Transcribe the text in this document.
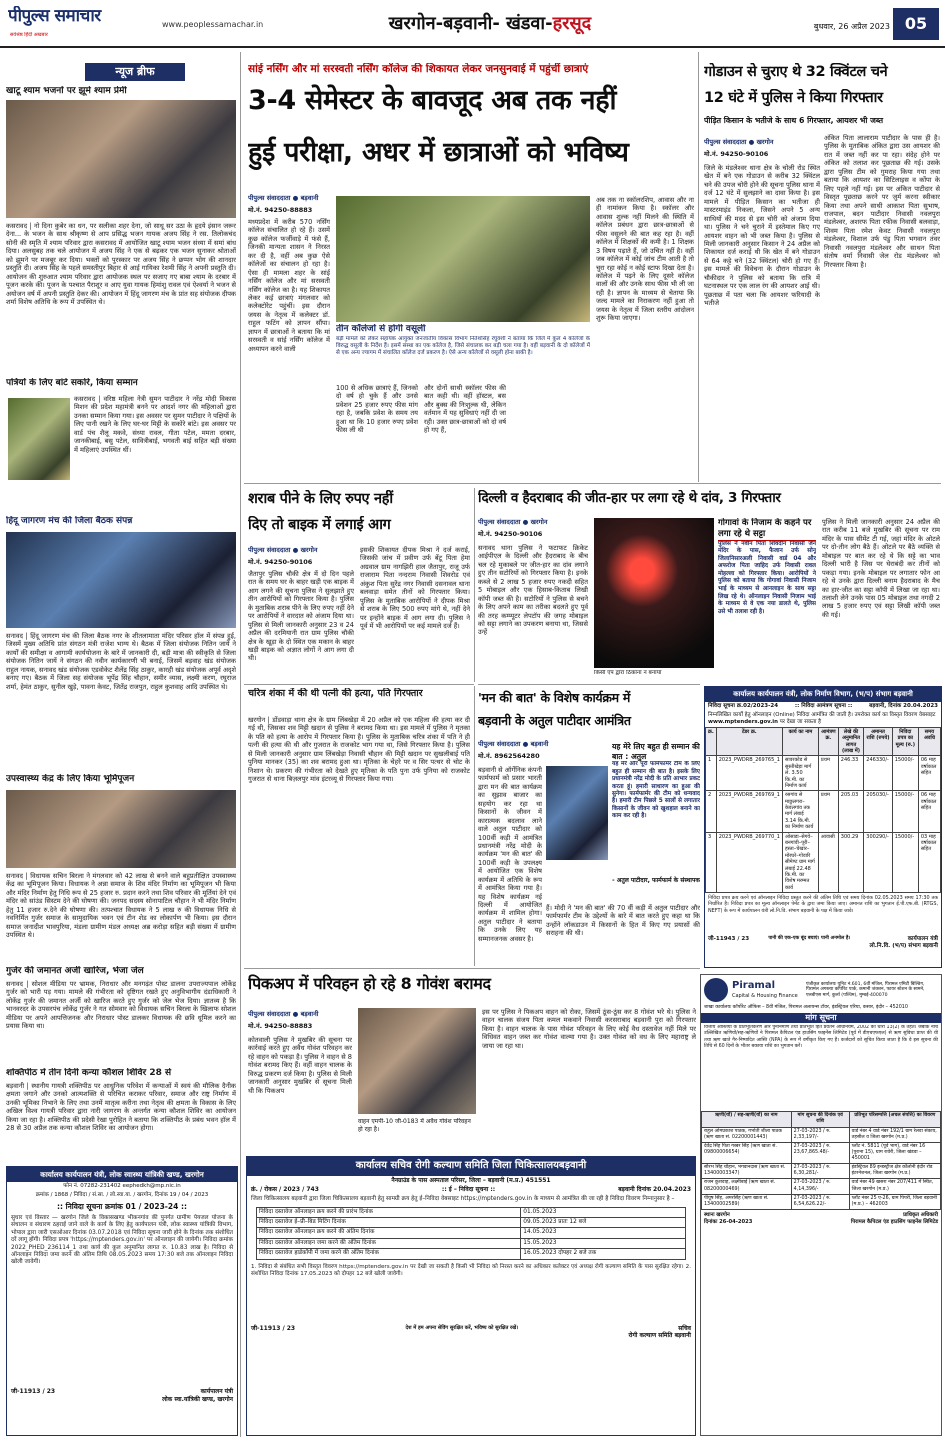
पीपुल्स समाचार
सर्वश्रेष्ठ हिंदी अखबार
www.peoplessamachar.in	खरगोन-बड़वानी- खंडवा-हरसूद	बुधवार, 26 अप्रैल 2023 05
न्यूज ब्रीफ
खाटू श्याम भजनों पर झूमे श्याम प्रेमी
कसरावद | नो दिना कुबेर का धन, पर सलीका शहर देना, जो साधू सर उठा के हृदये इंसान जरूर देना... के भजन के साथ श्रीकृष्ण से आप प्रसिद्ध भजन गायक अजय सिंह ने रस. तिलोकचंद सोनी की स्मृति में श्याम परिवार द्वारा कसरावद में आयोजित खाटू श्याम भजन संध्या में समां बांध दिया। अलसुबह तक चले आयोजन में अजय सिंह ने एक से बढ़कर एक भजन सुनाकर श्रोताओं को झूमने पर मजबूर कर दिया। भक्तों को पुरस्कार पर अजय सिंह ने छप्पन भोग की शानदार प्रस्तुति दी। अजय सिंह के पहले समस्तीपुर बिहार से आई गायिका रेशमी सिंह ने अपनी प्रस्तुति दी। आयोजन की शुरुआत श्याम परिवार द्वारा आयोजक स्थल पर सजाए गए बाबा श्याम के दरबार में पूजन करके की। पूजन के पश्चात पैराशूर व आए युवा गायक हिमांशु रावल एवं ऐश्वर्या ने भजन से अयोजन वर्ष में अपनी प्रस्तुति देकर की। आयोजन में हिंदू जागरण मंच के प्रांत सह संयोजक दीपक शर्मा विशेष अतिथि के रूप में उपस्थित थे।
पत्रियों के लिए बांटे सकोरे, किया सम्मान
कसरावद | वरिष्ठ महिला नेत्री सुमन पाटीदार ने नरेंद्र मोदी विकास मिशन की प्रदेश महामंत्री बनने पर आदर्श नगर की महिलाओं द्वारा उनका सम्मान किया गया। इस अवसर पर सुमन पाटीदार ने पक्षियों के लिए पानी रखने के लिए घर-घर मिट्टी के सकोरे बांटे। इस अवसर पर वार्ड पंच शैलू मकवे, संध्या रावल, गीता पटेल, ममता दरबार, जानकीबाई, बसु पटेल, सावित्रीबाई, भगवती बाई सहित बड़ी संख्या में महिलाएं उपस्थित थीं।
हिंदू जागरण मंच की जिला बैठक संपन्न
सनावद | हिंदू जागरण मंच की जिला बैठक नगर के शीतलामाता मंदिर परिसर हॉल में संपन्न हुई, जिसमें मुख्य अतिथि प्रांत संगठन मंत्री राजेश भाग्य थे। बैठक में जिला संयोजक नितिन जायें ने कार्यों की समीक्षा व आगामी कार्ययोजना के बारे में जानकारी दी, बड़ी मात्रा की स्वीकृति से जिला संयोजक नितिन जायें ने संगठन की नवीन कार्यकारणी भी बनाई, जिसमें बड़वाह खंड संयोजक राहुल नायक, सनावद खंड संयोजक एडवोकेट शैलेंद्र सिंह ठाकुर, कारही खंड संयोजक अपूर्व अदृशे बनाए गए। बैठक में जिला सह संयोजक भूपेंद्र सिंह चौहान, समीर व्यास, लक्ष्मी करण, रघुराज शर्मा, हेमंत ठाकुर, सुनील खुड़े, पावना केवट, जितेंद्र राजपुत, राहुल कुशवाह आदि उपस्थित थे।
उपस्वास्थ्य केंद्र के लिए किया भूमिपूजन
सनावद | विधायक सचिन बिरला ने मंगलवार को 42 लाख से बनने वाले बहुप्रतीक्षित उपस्वास्थ्य केंद्र का भूमिपूजन किया। विधायक ने अन्ना समाज के शिव मंदिर निर्माण का भूमिपूजन भी किया और मंदिर निर्माण हेतु निधि रूप से 25 हजार रु. प्रदान करने तथा शिव परिवार की मूर्तियां देने एवं मंदिर को सांउंड सिस्टम देने की घोषणा की। जनपद सदस्य सोनापाटिल चौहान ने भी मंदिर निर्माण हेतु 11 हजार रु.देने की घोषणा की। तत्पश्चात विधायक ने 5 लाख रु की विधायक निधि से नवनिर्मित गुर्जर समाज के सामुदायिक भवन एवं टीन शेड का लोकार्पण भी किया। इस दौरान समाज जनादीश भावपुरिया, मंडला ग्रामीण मंडल अध्यक्ष अब्र करोड़ा सहित बड़ी संख्या में ग्रामीण उपस्थित थे।
गुर्जर की जमानत अर्जी खारिज, भेजा जेल
सनावद | सोशल मीडिया पर भ्रामक, निराधार और मनगढ़ंत पोस्ट डालना उपराज्यपाल लोकेंद्र गुर्जर को भारी पड़ गया। मामले की गंभीरता को दृष्टिगत रखते हुए अनुविभागीय दंडाधिकारी ने लोकेंद्र गुर्जर की जमानत अर्जी को खारिज करते हुए गुर्जर को जेल भेज दिया। ज्ञातव्य है कि भानवरदर के उपसरपंच लोकेंद्र गुर्जर ने गत सोमवार को विधायक सचिन बिरला के खिलाफ सोशल मीडिया पर अपने आपत्तिजनक और निराधार पोस्ट डालकर विधायक की छवि धूमिल करने का प्रयास किया था।
शक्तिपीठ में तीन दिनी कन्या कौशल शिविर 28 से
बड़वानी | स्थानीय गायत्री शक्तिपीठ पर आधुनिक परिवेश में कन्याओं में स्वयं की मौलिक दैनीक क्षमता जगाने और उनको आत्मशक्ति से परिचित कराकर परिवार, समाज और राष्ट्र निर्माण में उनकी भूमिका निभाने के लिए तथा उनमें मातृत्व करीना तथा नेतृत्व की क्षमता के विकास के लिए अखिल विश्व गायत्री परिवार द्वारा नारी जागरण के अन्तर्गत कन्या कौशल शिविर का आयोजन किया जा रहा है। शक्तिपीठ की प्रदेसी रेखा पुरोहित ने बताया कि शक्तिपीठ के प्रबंध भवन हॉल में 28 से 30 अप्रैल तक कन्या कौशल शिविर का आयोजन होगा।
कार्यालय कार्यपालन यंत्री, लोक स्वास्थ्य यांत्रिकी खण्ड, खरगोन
फोन नं. 07282-231402 eephedkh@mp.nic.in
क्रमांक / 1868 / निविदा / सं.सा. / लो.स्वा.या. / खरगोन, दिनांक 19 / 04 / 2023
:: निविदा सूचना क्रमांक 01 / 2023-24 ::
सुधार एवं विस्तार — खरगोन जिले के विकासखण्ड भीकनगांव की पुनर्गत ग्रामीण पेयजल योजना के संचालन व संधारण ठहराई जाने वाले के कार्य के लिए हेतु कार्यपालन यंत्री, लोक स्वास्थ्य यांत्रिकी विभाग, भोपाल द्वारा जारी एसओआर दिनांक 03.07.2018 एवं निविदा सूचना जारी होने के दिनांक तक संशोधित दरें लागू होंगी। निविदा प्रपत्र 'https://mptenders.gov.in' पर ऑनलाइन की जायेगी। निविदा क्रमांक 2022_PHED_236114_1 तथा कार्य की कुल अनुमानित लागत रु. 10.83 लाख है। निविदा से ऑनलाइन निविदा जमा करने की अंतिम तिथि 08.05.2023 समय 17:30 बजे तक ऑनलाइन निविदा खोली जावेगी।
जी-11913 / 23	कार्यपालन यंत्री
लोक स्वा.यांत्रिकी खण्ड, खरगोन
सांई नर्सिंग और मां सरस्वती नर्सिंग कॉलेज की शिकायत लेकर जनसुनवाई में पहुंचीं छात्राएं
3-4 सेमेस्टर के बावजूद अब तक नहीं
हुई परीक्षा, अधर में छात्राओं को भविष्य
पीपुल्स संवाददाता ● बड़वानी
मो.नं. 94250-88883
मध्यप्रदेश में करीब 570 नर्सिंग कॉलेज संचालित हो रहे हैं। उसमें कुछ कॉलेज फर्जीवाड़े में फंसे हैं, जिनकी मान्यता शासन ने निरस्त कर दी है, वहीं अब कुछ ऐसे कॉलेजों का संचालन हो रहा है। ऐसा ही मामला शहर के सांई नर्सिंग कॉलेज और मां सरस्वती नर्सिंग कॉलेज का है। यह शिकायत लेकर कई छात्राएं मंगलवार को कलेक्टोरेट पहुंचीं। इस दौरान जयस के नेतृत्व में कलेक्टर डॉ. राहुल फटिंग को ज्ञापन सौंपा। ज्ञापन में छात्राओं ने बताया कि मां सरस्वती व सांई नर्सिंग कॉलेज में अध्यापन करने वाली
तीन कॉलेजों से होगी वसूली
बड़ी मामले को लेकर सहायक आयुक्त जनजातीय विकास विभाग नितेशसिंह रघुवंशी ने बताया कि जिले में कुल 4 कॉलेजों के विरुद्ध वसूली के निर्देश हैं। इसमें संस्था का एक कॉलेज है, जिसे संचालक कर बड़ी चला गया है। वहीं बड़वानी के दो कॉलेजों में से एक अन्य ज्यागम में संचालित कॉलेज दर्ज प्रकरण है। ऐसे अन्य कॉलेजों से वसूली होना बाकी है।
100 से अधिक छात्राएं हैं, जिनको दो वर्ष हो चुके हैं और उनसे प्रवेशन 25 हजार रुपए फीस मांग रहा है, जबकि प्रवेश के समय तय हुआ था कि 10 हजार रुपए प्रवेश फीस ली थी
और दोनों साथी स्कॉलर फीस की बात कही थी। वहीं हॉस्टल, बस और बुक्स की निःशुल्क थी, लेकिन वर्तमान में यह सुविधाएं नहीं दी जा रही। उक्त छात्र-छात्राओं को दो वर्ष हो गए हैं,
अब तक ना स्कॉलरशिप, आवास और ना ही नामांकन किया है। स्कॉलर और आवास शुल्क नहीं मिलने की स्थिति में कॉलेज प्रबंधन द्वारा छात्र-छात्राओं से फीस वसूलने की बात कह रहा है। वहीं कॉलेज में शिक्षकों की कमी है। 1 शिक्षक 3 विषय पढ़ाते हैं, जो उचित नहीं है। वहीं जब कॉलेज में कोई जांच टीम आती है तो चुरा रहा कोई न कोई स्टाफ दिखा देता है। कॉलेज में पढ़ने के लिए दूसरे कॉलेज वालों की और उनके साथ फीस भी ली जा रही है। ज्ञापन के माध्यम से चेताया कि जल्द मामले का निराकरण नहीं हुआ तो जयस के नेतृत्व में जिला स्तरीय आंदोलन शुरू किया जाएगा।
गोडाउन से चुराए थे 32 क्विंटल चने
12 घंटे में पुलिस ने किया गिरफ्तार
पीड़ित किसान के भतीजे के साथ 6 गिरफ्तार, आयशर भी जब्त
पीपुल्स संवाददाता ● खरगोन
मो.नं. 94250-90106
जिले के मंडलेश्वर थाना क्षेत्र के चोली रोड स्थित खेत में बने एक गोडाउन से करीब 32 क्विंटल चने की उपज चोरी होने की सूचना पुलिस थाना में दर्ज 12 घंटे में सुलझाने का दावा किया है। इस मामले में पीड़ित किसान का भतीजा ही मास्टरमाइंड निकला, जिसने अपने 5 अन्य साथियों की मदद से इस चोरी को अंजाम दिया था। पुलिस ने चने चुराने में इस्तेमाल किए गए आयशर वाहन को भी जब्त किया है। पुलिस से मिली जानकारी अनुसार किसान ने 24 अप्रैल को शिकायत दर्ज कराई थी कि खेत में बने गोडाउन से 64 कट्टे चने (32 क्विंटल) चोरी हो गए हैं। इस मामले की विवेचना के दौरान गोडाउन के चौकीदार ने पुलिस को बताया कि रात्रि में घटनास्थल पर एक लाल रंग की आयशर आई थी। पूछताछ में पता चला कि आयशर फरियादी के भतीजे
अंकित पिता लालाराम पाटीदार के पास ही है। पुलिस के मुताबिक अंकित द्वारा उस आयशर की रात में जब्त नहीं कर पा रहा। संदेह होने पर अंकित को तलाश कर पूछताछ की गई। उसके द्वारा पुलिस टीम को गुमराह किया गया तथा बताया कि आयशर का सिटिलाइस व कोंपा के लिए पहले नहीं गई। इस पर अंकित पाटीदार से विस्तृत पूछताछ करने पर जुर्म करना स्वीकार किया तथा अपने साथी आकाश पिता सुभाष, राजपाल, बदन पाटीदार निवासी नवलपुरा मंडलेश्वर, अशरफ पिता रफीक निवासी बलवाड़ा, शिवम पिता रमेश केवट निवासी नवलपुरा मंडलेश्वर, विशाल उर्फ पंडु पिता भगवान तंवर निवासी नवलपुरा मंडलेश्वर और साथन पिता संतोष वर्मा निवासी जेल रोड मंडलेश्वर को गिरफ्तार किया है।
शराब पीने के लिए रुपए नहीं
दिए तो बाइक में लगाई आग
पीपुल्स संवाददाता ● खरगोन
मो.नं. 94250-90106
जैतापुर पुलिस चौकी क्षेत्र में दो दिन पहले रात के समय घर के बाहर खड़ी एक बाइक में आग लगने की सूचना पुलिस ने सुलझाते हुए तीन आरोपियों को गिरफ्तार किया है। पुलिस के मुताबिक शराब पीने के लिए रुपए नहीं देने पर आरोपियों ने वारदात को अंजाम दिया था। पुलिस से मिली जानकारी अनुसार 23 व 24 अप्रैल की दरमियानी रात ग्राम पुलिस चौकी क्षेत्र के खूड़ा के दो स्थित एक मकान के बाहर खड़ी बाइक को अज्ञात लोगों ने आग लगा दी थी।
इसकी शिकायत दीपक मिश्रा ने दर्ज कराई, जिसकी जांच में प्रवीण उर्फ बेंटू पिता हेमा अग्रवाल ग्राम नागझिरी हाल जैतापुर, राजू उर्फ राजाराम पिता नन्दराम निवासी शिवरोड एवं अंकुश पिता सुरेंद्र नगर निवासी दसनावल थाना बलवाड़ा समेत तीनों को गिरफ्तार किया। पुलिस के मुताबिक आरोपियों ने दीपक मिश्रा से शराब के लिए 500 रुपए मांगे थे, नहीं देने पर इन्होंने बाइक में आग लगा दी। पुलिस ने पूर्व में भी आरोपियों पर कई मामले दर्ज हैं।
दिल्ली व हैदराबाद की जीत-हार पर लगा रहे थे दांव, 3 गिरफ्तार
पीपुल्स संवाददाता ● खरगोन
मो.नं. 94250-90106
सनावद थाना पुलिस ने फटाफट क्रिकेट आईपीएल के दिल्ली और हैदराबाद के बीच चल रहे मुकाबले पर जीत-हार का दांव लगाने हुए तीन सटोरियों को गिरफ्तार किया है। इनके कब्जे से 2 लाख 5 हजार रुपए नकदी सहित 5 मोबाइल और एक हिसाब-किताब लिखी कॉपी जब्त की है। सटोरियों ने पुलिस से बचने के लिए अपने काम का तरीका बदलते हुए पूर्व की तरह कम्प्यूटर लेपटॉप की जगह मोबाइल को सट्टा लगाने का उपकरण बनाया था, जिससे उन्हें
किसी एप द्वारा ठिकाना न बनाया
गोगावां के निजाम के कहने पर लगा रहे थे सट्टा
पुलिस ने नवीन पिता शिवदीन निवासी जैन मंदिर के पास, फैजान उर्फ सोनू जिलानिसारअली निवासी वार्ड 04 और अफरोज पिता जाहिद उर्फ निवासी रावल मोहल्ला को गिरफ्तार किया। आरोपियों ने पुलिस को बताया कि गोगावां निवासी निजाम भाई के माध्यम से आनलाइन के साथ सट्टा लिख रहे थे। ऑनलाइन निवासी निजाम भाई के माध्यम से वे एक नया डालते थे, पुलिस उसे भी तलाश रही है।
पुलिस ने मिली जानकारी अनुसार 24 अप्रैल की रात करीब 11 बजे मुखबिर की सूचना पर राम मंदिर के पास सीमेंट टी गई, जहां मंदिर के ओटले पर दो-तीन लोग बैठे हैं। ओटले पर बैठे व्यक्ति से मोबाइल पर बात कर रहे थे कि सट्टे का भाव दिल्ली भारी है जिस पर घेराबंदी कर तीनों को पकड़ा गया। इनके मोबाइल पर लगातार फोन आ रहे थे उनके द्वारा दिल्ली बनाम हैदराबाद के मैच का हार-जीत का सट्टा कॉपी में लिखा जा रहा था। तलाशी लेने उनके पास 05 मोबाइल तथा नगदी 2 लाख 5 हजार रुपए एवं सट्टा लिखी कॉपी जब्त की गई।
चरित्र शंका में की थी पत्नी की हत्या, पति गिरफ्तार
खरगोन | डोंडवाड़ा थाना क्षेत्र के ग्राम लिंबखेड़ा में 20 अप्रैल को एक महिला की हत्या कर दी गई थी, जिसका शव मिट्टी खदान से पुलिस ने बरामद किया था। इस मामले में पुलिस ने मृतका के पति को हत्या के आरोप में गिरफ्तार किया है। पुलिस के मुताबिक चरित्र शंका में पति ने ही पत्नी की हत्या की थी और गुजरात के राजकोट भाग गया था, जिसे गिरफ्तार किया है। पुलिस से मिली जानकारी अनुसार ग्राम लिंबखेड़ा निवासी चौहान की मिट्टी खदान पर सुखलीबाई पति पुनिया मानकर (35) का शव बरामद हुआ था। मृतिका के चेहरे पर व सिर पत्थर से चोट के निशान थे। प्रकरण की गंभीरता को देखते हुए मृतिका के पति पुना उर्फ पुनिया को राजकोट गुजरात से थाना बिज़लपुर मांव इंटरव्यू से गिरफ्तार किया गया।
'मन की बात' के विशेष कार्यक्रम में
बड़वानी के अतुल पाटीदार आमंत्रित
पीपुल्स संवाददाता ● बड़वानी
मो.नं. 8962564280
बड़वानी से ऑर्गेनिक कंपनी फार्मफार्म को प्रसार भारती द्वारा मन की बात कार्यक्रम का सुझाव बाजार का सहयोग कर रहा था किसानों के जीवन में कारात्मक बदलाव लाने वाले अतुल पाटीदार को 100वीं कड़ी में आमंत्रित प्रधानमंत्री नरेंद्र मोदी के कार्यक्रम 'मन की बात' की 100वीं कड़ी के उपलक्ष्य में आयोजित एक विशेष कार्यक्रम में अतिथि के रूप में आमंत्रित किया गया है। यह विशेष कार्यक्रम नई दिल्ली में आयोजित कार्यक्रम में शामिल होगा। अतुल पाटीदार ने बताया कि उनके लिए यह सम्मानजनक अवसर है।
यह मेरे लिए बहुत ही सम्मान की बात : अतुल
यह मेरे और पूरी फार्मफार्मर टीम के लिए बहुत ही सम्मान की बात है। इसके लिए प्रधानमंत्री नरेंद्र मोदी के प्रति आभार प्रकट करता हूं। हमारी साधारण का हुआ की सुनेगा। फार्मफार्मर की टीम को धन्यवाद है। हमारी टीम पिछले 5 सालों से लगातार किसानों के जीवन को खुशहाल बनाने का काम कर रही है।
- अतुल पाटीदार, फार्मफार्म के संस्थापक
हैं। मोदी ने 'मन की बात' की 70 वीं कड़ी में अतुल पाटीदार और फार्मफार्मर टीम के उद्देश्यों के बारे में बात करते हुए कहा था कि उन्होंने लॉकडाउन में किसानों के हित में किए गए प्रयासों की सराहना की थी।
कार्यालय कार्यपालन यंत्री, लोक निर्माण विभाग, (भ/प) संभाग बड़वानी
निविदा सूचना क्र.02/2023-24	:: निविदा आमंत्रण सूचना ::	बड़वानी, दिनांक 20.04.2023
निम्नलिखित कार्यों हेतु ऑनलाइन (Online) निविदा आमंत्रित की जाती है। उपरोक्त कार्य का विस्तृत विवरण वेबसाइट www.mptenders.gov.in पर देखा जा सकता है
क्र.	टेंडर क्र.	कार्य का नाम	आमंत्रण क्र.	लेखे की अनुमानित लागत (लाख में)	अमानत राशि (रुपये)	निविदा प्रपत्र का मूल्य (रु.)	समय अवधि
1	2023_PWDRB_269765_1	सावरकोड से सुस्तीखेड़ा मार्ग लं. 3.50 कि.मी. का निर्माण कार्य	प्रथम	246.33	246330/-	15000/-	06 माह वर्षाकाल सहित
2	2023_PWDRB_269769_1	रसगांव से माछुलगरा–केवलगांव तक मार्ग लंबाई 3.14 कि.मी. का निर्माण कार्य	प्रथम	205.03	205030/-	15000/-	06 माह वर्षाकाल सहित
3	2023_PWDRB_269770_1	ओसाडा–सेगवे–बनगांवी–पूरी–हस्ता–चेखार–मोरघरे–गोवारि सीमेण्ट ग्राम मार्ग लंबाई 22.48 कि.मी. का विशेष मरम्मत कार्य	आवासी	300.29	300290/-	15000/-	03 माह वर्षाकाल सहित
निविदा प्रपत्र क्रय करने एवं ऑनलाइन निविदा प्रस्तुत करने की अंतिम तिथि एवं समय दिनांक 02.05.2023 समय 17:30 तक निर्धारित है। निविदा प्रपत्र का मूल्य ऑनलाइन पेमेंट के द्वारा जमा किया जाए। अमानत राशि का भुगतान ई.पी.एफ.बी. (RTGS, NEFT) के रूप में कार्यपालन यंत्री लो.नि.वि. संभाग बड़वानी के पक्ष में किया जावे।
जी-11943 / 23	पानी की एक-एक बूंद बचाएं। पानी अनमोल है।	कार्यपालन यंत्री
लो.नि.वि. (भ/प) संभाग बड़वानी
पिकअप में परिवहन हो रहे 8 गोवंश बरामद
पीपुल्स संवाददाता ● बड़वानी
मो.नं. 94250-88883
कोतवाली पुलिस ने मुखबिर की सूचना पर कार्रवाई करते हुए अवैध गोवंश परिवहन कर रहे वाहन को पकड़ा है। पुलिस ने वाहन से 8 गोवंश बरामद किए हैं। वहीं वाहन चालक के विरुद्ध प्रकरण दर्ज किया है। पुलिस से मिली जानकारी अनुसार मुखबिर से सूचना मिली थी कि पिकअप
वाहन एमपी-10 जी-0183 में अवैध गोवंश परिवहन हो रहा है।
इस पर पुलिस ने पिकअप वाहन को रोका, जिसमें ठूंस-ठूंस कर 8 गोवंश भरे थे। पुलिस ने वाहन चालक संजय पिता कमल मकवाने निवासी करसराबाद बड़वानी पुरा को गिरफ्तार किया है। वाहन चालक के पास गोवंश परिवहन के लिए कोई वैध दस्तावेज नहीं मिले पर विधिवत वाहन जब्त कर गोवंश वाल्मा गया है। उक्त गोवंश को वध के लिए महाराष्ट्र ले जाया जा रहा था।
कार्यालय सचिव रोगी कल्याण समिति जिला चिकित्सालयबड़वानी
नैनग्राउंड के पास अस्पताल परिसर, जिला – बड़वानी (म.प्र.) 451551
क्रं. / रोकस / 2023 / 743	:: ई – निविदा सूचना ::	बड़वानी दिनांक 20.04.2023
जिला चिकित्सालय बड़वानी द्वारा जिला चिकित्सालय बड़वानी हेतु सामग्री क्रय हेतु ई–निविदा वेबसाइट https://mptenders.gov.in के माध्यम से आमंत्रित की जा रही है निविदा विवरण निम्नानुसार है –
निविदा दस्तावेज ऑनलाइन क्रय करने की प्रारंभ दिनांक	01.05.2023
निविदा दस्तावेज ई–प्री–बिड मिटिंग दिनांक	09.05.2023 प्रातः 12 बजे
निविदा दस्तावेज ऑनलाइन क्रय करने की अंतिम दिनांक	14.05.2023
निविदा दस्तावेज ऑनलाइन जमा करने की अंतिम दिनांक	15.05.2023
निविदा दस्तावेज हार्डकॉपी में जमा करने की अंतिम दिनांक	16.05.2023 दोपहर 2 बजे तक
1. निविदा से संबंधित सभी विस्तृत विवरण https://mptenders.gov.in पर देखी जा सकती है किसी भी निविदा को निरस्त करने का अधिकार कलेक्टर एवं अध्यक्ष रोगी कल्याण समिति के पास सुरक्षित रहेगा। 2. संशोधित निविदा दिनांक 17.05.2023 को दोपहर 12 बजे खोली जावेगी।
जी-11913 / 23	देश में हम अपना सेविंग सुरक्षित करें, भविष्य को सुरक्षित रखें।	सचिव
रोगी कल्याण समिति बड़वानी
Piramal
Capital & Housing Finance
पंजीकृत कार्यालयः यूनिट नं.601, 6वीं मंजिल, पिरामल एमिटी बिल्डिंग, पिरामल अगस्त्या कॉर्पोरेट पार्क, कमानी जंक्शन, फायर स्टेशन के सामने, एलबीएस मार्ग, कुर्ला (पश्चिम), मुम्बई-400070
शाखा कार्यालयः कॉर्पोरेट ऑफिस – 8वीं मंजिल, पिरामल अलायन्स टॉवर, इंडस्ट्रियल एरिया, कसार, इंदौर – 452010
मांग सूचना
वित्तीय आस्तियों के प्रतिभूतिकरण और पुनर्निर्माण तथा प्रतिभूति हित प्रवर्तन अधिनियम, 2002 की धारा 13(2) के तहत। जबकि नीचे उल्लिखित ऋणियों/सह-ऋणियों ने पिरामल कैपिटल एंड हाउसिंग फाइनेंस लिमिटेड (पूर्व में डीएचएफएल) से ऋण सुविधा प्राप्त की थी तथा ऋण खाते गैर-निष्पादित आस्ति (NPA) के रूप में वर्गीकृत किए गए हैं। कर्जदारों को सूचित किया जाता है कि वे इस सूचना की तिथि से 60 दिनों के भीतर बकाया राशि का भुगतान करें।
ऋणी(यों) / सह-ऋणी(यों) का नाम	मांग सूचना की दिनांक एवं राशि	प्रतिभूत परिसम्पत्ति (अचल संपत्ति) का विवरण
राहुल ओमप्रकाश पाठक, गर्भाती शीला पाठक (ऋण खाता सं. 02200001443)	27-03-2023 / रु. 2,33,197/-	वार्ड नंबर 4 वार्ड नंबर 192/1 ग्राम रेलवा संकाय, तहसील व जिला खरगोन (म.प्र.)
देवेंद्र सिंह पिता गब्बर सिंह (ऋण खाता सं. 09800006654)	27-03-2023 / रु. 23,67,865.48/-	प्लॉट नं. 5811 (पूर्व भाग), वार्ड नंबर 16 (पुराना 15), ग्राम रावेरी, जिला खंडवा – 450001
सौरभ सिंह चौहान, भगवानदास (ऋण खाता सं. 13400003347)	27-03-2023 / रु. 6,30,281/-	इंडस्ट्रियल 89 इन्डस्ट्रीज क्षेत्र कॉलोनी इंदौर रोड इंटरनेशनल, जिला खरगोन (म.प्र.)
राजन कुशवाह, लक्ष्मीबाई (ऋण खाता सं. 08200000469)	27-03-2023 / रु. 4,14,396/-	वार्ड नंबर 49 खसरा नंबर 207/411 में स्थित, जिला खरगोन (म.प्र.)
पीयूष सिंह, अमरसिंह (ऋण खाता सं. 13400002589)	27-03-2023 / रु. 6,54,626.22/-	प्लॉट नंबर 25 ए-26, ग्राम पिपरी, जिला बड़वानी (म.प्र.) – 462003
स्थानः खरगोन
दिनांकः 26-04-2023
प्राधिकृत अधिकारी
पिरामल कैपिटल एंड हाउसिंग फाइनेंस लिमिटेड
